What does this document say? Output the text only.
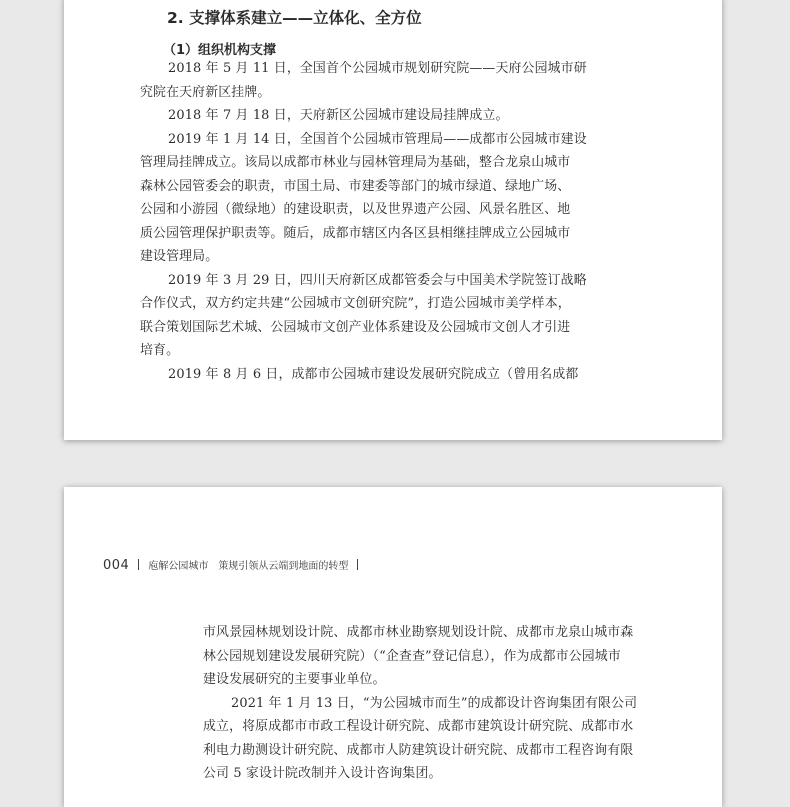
2. 支撑体系建立——立体化、全方位
（1）组织机构支撑
2018 年 5 月 11 日，全国首个公园城市规划研究院——天府公园城市研
究院在天府新区挂牌。
2018 年 7 月 18 日，天府新区公园城市建设局挂牌成立。
2019 年 1 月 14 日，全国首个公园城市管理局——成都市公园城市建设
管理局挂牌成立。该局以成都市林业与园林管理局为基础，整合龙泉山城市
森林公园管委会的职责，市国土局、市建委等部门的城市绿道、绿地广场、
公园和小游园（微绿地）的建设职责，以及世界遗产公园、风景名胜区、地
质公园管理保护职责等。随后，成都市辖区内各区县相继挂牌成立公园城市
建设管理局。
2019 年 3 月 29 日，四川天府新区成都管委会与中国美术学院签订战略
合作仪式，双方约定共建“公园城市文创研究院”，打造公园城市美学样本，
联合策划国际艺术城、公园城市文创产业体系建设及公园城市文创人才引进
培育。
2019 年 8 月 6 日，成都市公园城市建设发展研究院成立（曾用名成都
004 庖解公园城市 策规引领从云端到地面的转型
市风景园林规划设计院、成都市林业勘察规划设计院、成都市龙泉山城市森
林公园规划建设发展研究院）（“企查查”登记信息），作为成都市公园城市
建设发展研究的主要事业单位。
2021 年 1 月 13 日，“为公园城市而生”的成都设计咨询集团有限公司
成立，将原成都市市政工程设计研究院、成都市建筑设计研究院、成都市水
利电力勘测设计研究院、成都市人防建筑设计研究院、成都市工程咨询有限
公司 5 家设计院改制并入设计咨询集团。
